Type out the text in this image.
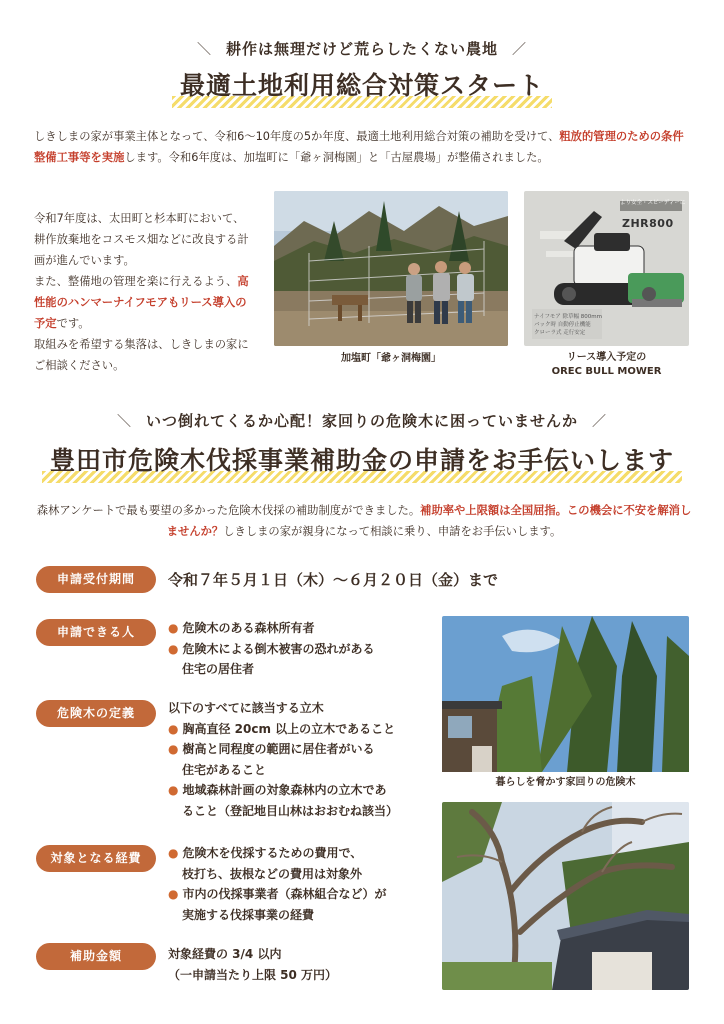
＼ 耕作は無理だけど荒らしたくない農地 ／
最適土地利用総合対策スタート
しきしまの家が事業主体となって、令和6〜10年度の5か年度、最適土地利用総合対策の補助を受けて、粗放的管理のための条件整備工事等を実施します。令和6年度は、加塩町に「爺ヶ洞梅園」と「古屋農場」が整備されました。
令和7年度は、太田町と杉本町において、耕作放棄地をコスモス畑などに改良する計画が進んでいます。
また、整備地の管理を楽に行えるよう、高性能のハンマーナイフモアもリース導入の予定です。
取組みを希望する集落は、しきしまの家にご相談ください。
加塩町「爺ヶ洞梅園」
より安全・スピーディーに
ZHR800
ナイフモア 除草幅 800mm
バック時 自動停止機能
クローラ式 走行安定
リース導入予定の
OREC BULL MOWER
＼ いつ倒れてくるか心配！家回りの危険木に困っていませんか ／
豊田市危険木伐採事業補助金の申請をお手伝いします
森林アンケートで最も要望の多かった危険木伐採の補助制度ができました。補助率や上限額は全国屈指。この機会に不安を解消しませんか？しきしまの家が親身になって相談に乗り、申請をお手伝いします。
申請受付期間	令和７年５月１日（木）〜６月２０日（金）まで
申請できる人	● 危険木のある森林所有者
● 危険木による倒木被害の恐れがある
住宅の居住者
危険木の定義	以下のすべてに該当する立木
● 胸高直径 20cm 以上の立木であること
● 樹高と同程度の範囲に居住者がいる
住宅があること
● 地域森林計画の対象森林内の立木であ
ること（登記地目山林はおおむね該当）
対象となる経費	● 危険木を伐採するための費用で、
枝打ち、抜根などの費用は対象外
● 市内の伐採事業者（森林組合など）が
実施する伐採事業の経費
補助金額	対象経費の 3/4 以内
（一申請当たり上限 50 万円）
暮らしを脅かす家回りの危険木
